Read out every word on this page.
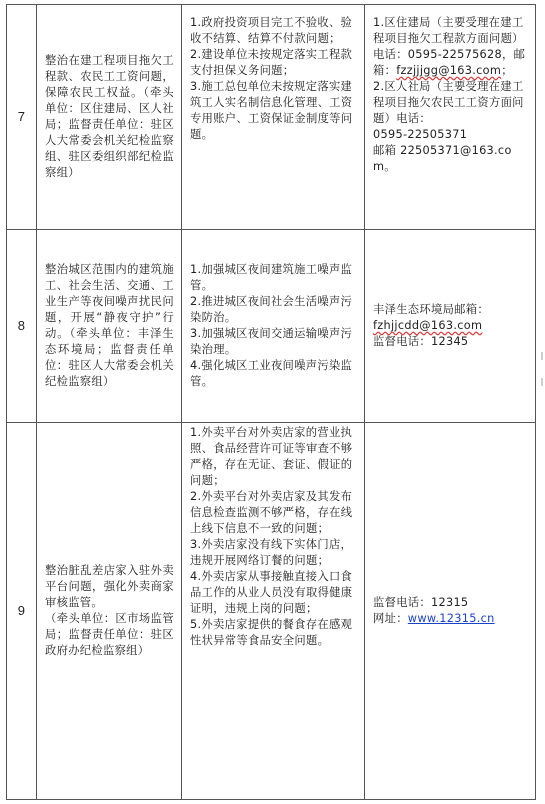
7	整治在建工程项目拖欠工程款、农民工工资问题，保障农民工权益。（牵头单位：区住建局、区人社局；监督责任单位：驻区人大常委会机关纪检监察组、驻区委组织部纪检监察组）	1.政府投资项目完工不验收、验收不结算、结算不付款问题；
2.建设单位未按规定落实工程款支付担保义务问题；
3.施工总包单位未按规定落实建筑工人实名制信息化管理、工资专用账户、工资保证金制度等问题。	1.区住建局（主要受理在建工程项目拖欠工程款方面问题）电话：0595-22575628，邮箱：fzzjjjgg@163.com；
2.区人社局（主要受理在建工程项目拖欠农民工工资方面问题）电话：
0595-22505371
邮箱 22505371@163.com。

8	整治城区范围内的建筑施工、社会生活、交通、工业生产等夜间噪声扰民问题，开展“静夜守护”行动。（牵头单位：丰泽生态环境局；监督责任单位：驻区人大常委会机关纪检监察组）	1.加强城区夜间建筑施工噪声监管。
2.推进城区夜间社会生活噪声污染防治。
3.加强城区夜间交通运输噪声污染治理。
4.强化城区工业夜间噪声污染监管。	丰泽生态环境局邮箱：
fzhjjcdd@163.com
监督电话：12345

9	整治脏乱差店家入驻外卖平台问题，强化外卖商家审核监管。
（牵头单位：区市场监管局；监督责任单位：驻区政府办纪检监察组）	1.外卖平台对外卖店家的营业执照、食品经营许可证等审查不够严格，存在无证、套证、假证的问题；
2.外卖平台对外卖店家及其发布信息检查监测不够严格，存在线上线下信息不一致的问题；
3.外卖店家没有线下实体门店，违规开展网络订餐的问题；
4.外卖店家从事接触直接入口食品工作的从业人员没有取得健康证明，违规上岗的问题；
5.外卖店家提供的餐食存在感观性状异常等食品安全问题。	监督电话：12315
网址：www.12315.cn
